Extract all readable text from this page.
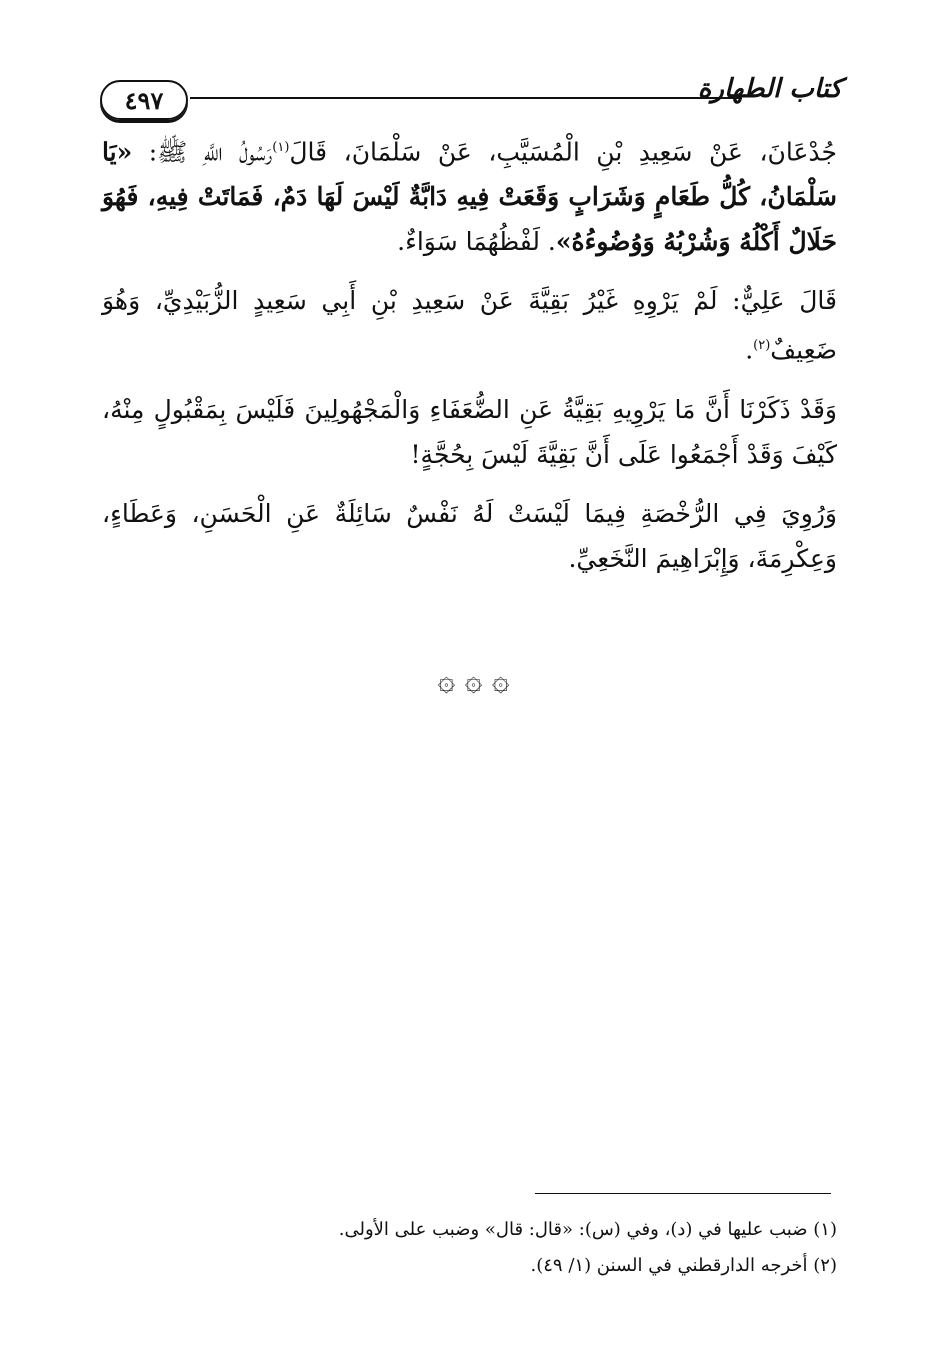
٤٩٧	كتاب الطهارة

جُدْعَانَ، عَنْ سَعِيدِ بْنِ الْمُسَيَّبِ، عَنْ سَلْمَانَ، قَالَ$^{(١)}$رَسُولُ اللَّهِ ﷺ: «يَا سَلْمَانُ، كُلُّ طَعَامٍ وَشَرَابٍ وَقَعَتْ فِيهِ دَابَّةٌ لَيْسَ لَهَا دَمٌ، فَمَاتَتْ فِيهِ، فَهُوَ حَلَالٌ أَكْلُهُ وَشُرْبُهُ وَوُضُوءُهُ». لَفْظُهُمَا سَوَاءٌ.

قَالَ عَلِيٌّ: لَمْ يَرْوِهِ غَيْرُ بَقِيَّةَ عَنْ سَعِيدِ بْنِ أَبِي سَعِيدٍ الزُّبَيْدِيِّ، وَهُوَ ضَعِيفٌ$^{(٢)}$.

وَقَدْ ذَكَرْنَا أَنَّ مَا يَرْوِيهِ بَقِيَّةُ عَنِ الضُّعَفَاءِ وَالْمَجْهُولِينَ فَلَيْسَ بِمَقْبُولٍ مِنْهُ، كَيْفَ وَقَدْ أَجْمَعُوا عَلَى أَنَّ بَقِيَّةَ لَيْسَ بِحُجَّةٍ!

وَرُوِيَ فِي الرُّخْصَةِ فِيمَا لَيْسَتْ لَهُ نَفْسٌ سَائِلَةٌ عَنِ الْحَسَنِ، وَعَطَاءٍ، وَعِكْرِمَةَ، وَإِبْرَاهِيمَ النَّخَعِيِّ.

۞ ۞ ۞

(١) ضبب عليها في (د)، وفي (س): «قال: قال» وضبب على الأولى.

(٢) أخرجه الدارقطني في السنن (١/ ٤٩).
